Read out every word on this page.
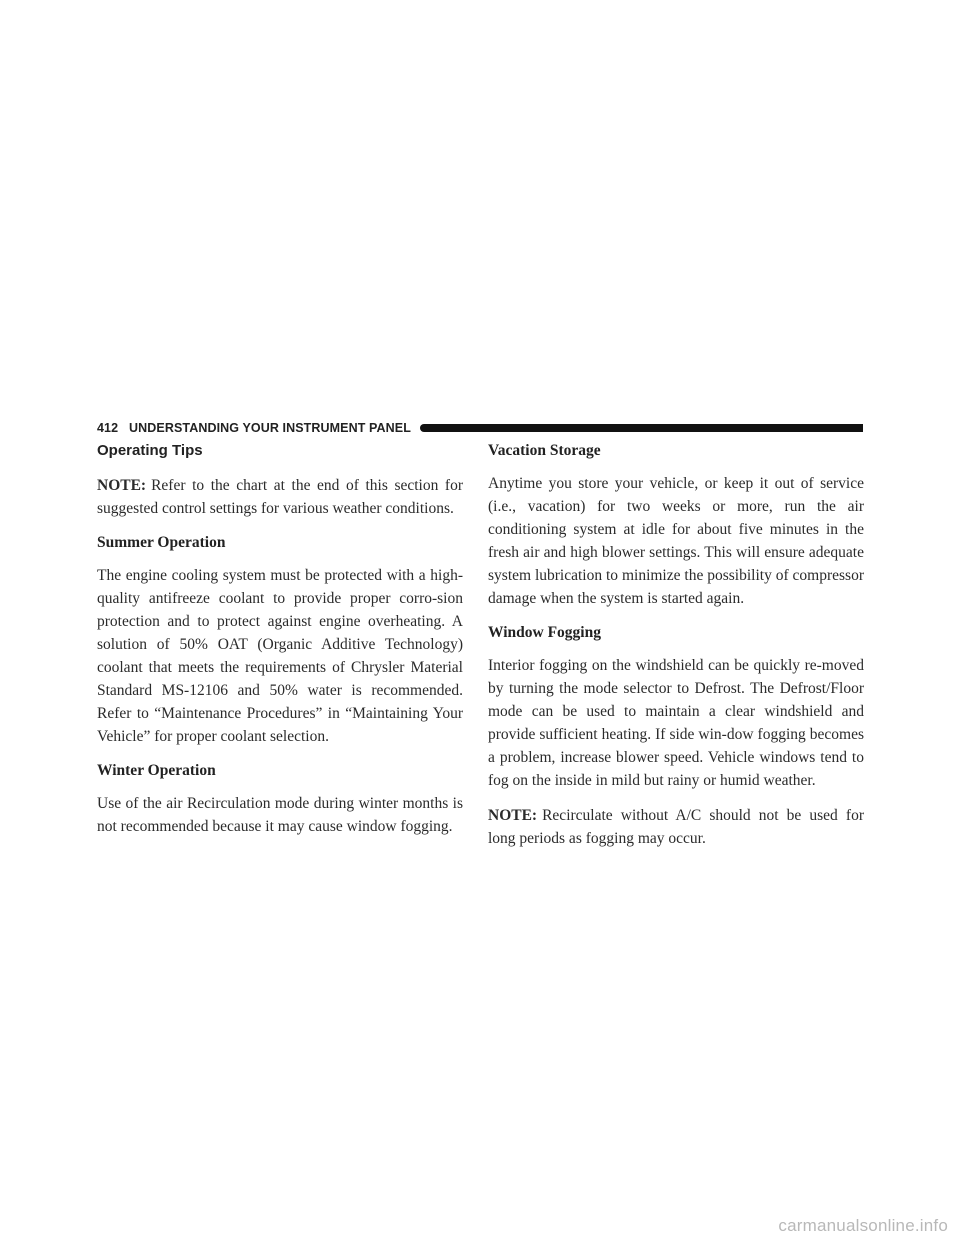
412 UNDERSTANDING YOUR INSTRUMENT PANEL
Operating Tips

NOTE: Refer to the chart at the end of this section for suggested control settings for various weather conditions.

Summer Operation

The engine cooling system must be protected with a high-quality antifreeze coolant to provide proper corro-sion protection and to protect against engine overheating. A solution of 50% OAT (Organic Additive Technology) coolant that meets the requirements of Chrysler Material Standard MS-12106 and 50% water is recommended. Refer to “Maintenance Procedures” in “Maintaining Your Vehicle” for proper coolant selection.

Winter Operation

Use of the air Recirculation mode during winter months is not recommended because it may cause window fogging.

Vacation Storage

Anytime you store your vehicle, or keep it out of service (i.e., vacation) for two weeks or more, run the air conditioning system at idle for about five minutes in the fresh air and high blower settings. This will ensure adequate system lubrication to minimize the possibility of compressor damage when the system is started again.

Window Fogging

Interior fogging on the windshield can be quickly re-moved by turning the mode selector to Defrost. The Defrost/Floor mode can be used to maintain a clear windshield and provide sufficient heating. If side win-dow fogging becomes a problem, increase blower speed. Vehicle windows tend to fog on the inside in mild but rainy or humid weather.

NOTE: Recirculate without A/C should not be used for long periods as fogging may occur.

carmanualsonline.info
